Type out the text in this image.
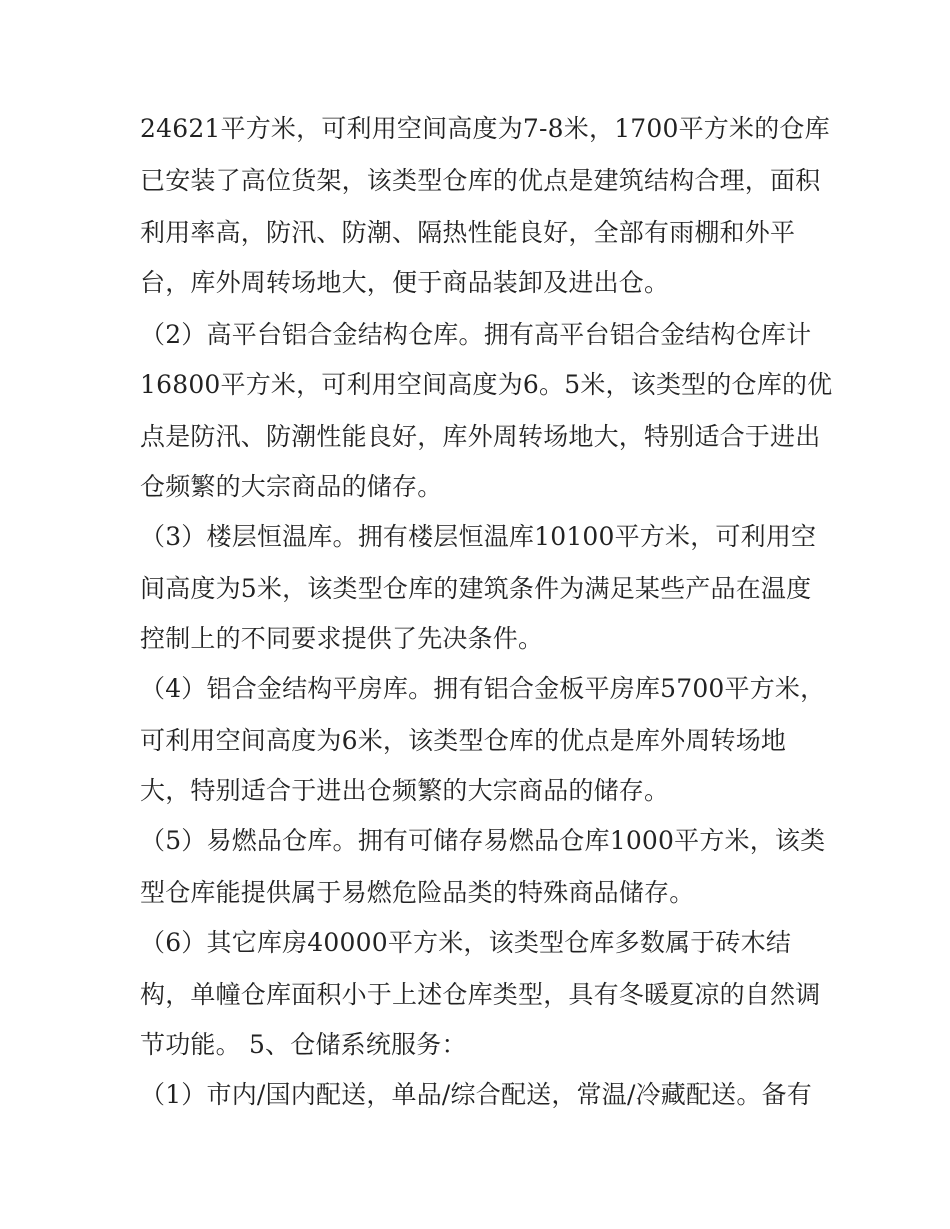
24621平方米，可利用空间高度为7-8米，1700平方米的仓库

已安装了高位货架，该类型仓库的优点是建筑结构合理，面积

利用率高，防汛、防潮、隔热性能良好，全部有雨棚和外平

台，库外周转场地大，便于商品装卸及进出仓。

（2）高平台铝合金结构仓库。拥有高平台铝合金结构仓库计

16800平方米，可利用空间高度为6。5米，该类型的仓库的优

点是防汛、防潮性能良好，库外周转场地大，特别适合于进出

仓频繁的大宗商品的储存。

（3）楼层恒温库。拥有楼层恒温库10100平方米，可利用空

间高度为5米，该类型仓库的建筑条件为满足某些产品在温度

控制上的不同要求提供了先决条件。

（4）铝合金结构平房库。拥有铝合金板平房库5700平方米，

可利用空间高度为6米，该类型仓库的优点是库外周转场地

大，特别适合于进出仓频繁的大宗商品的储存。

（5）易燃品仓库。拥有可储存易燃品仓库1000平方米，该类

型仓库能提供属于易燃危险品类的特殊商品储存。

（6）其它库房40000平方米，该类型仓库多数属于砖木结

构，单幢仓库面积小于上述仓库类型，具有冬暖夏凉的自然调

节功能。 5、仓储系统服务：

（1）市内/国内配送，单品/综合配送，常温/冷藏配送。备有
